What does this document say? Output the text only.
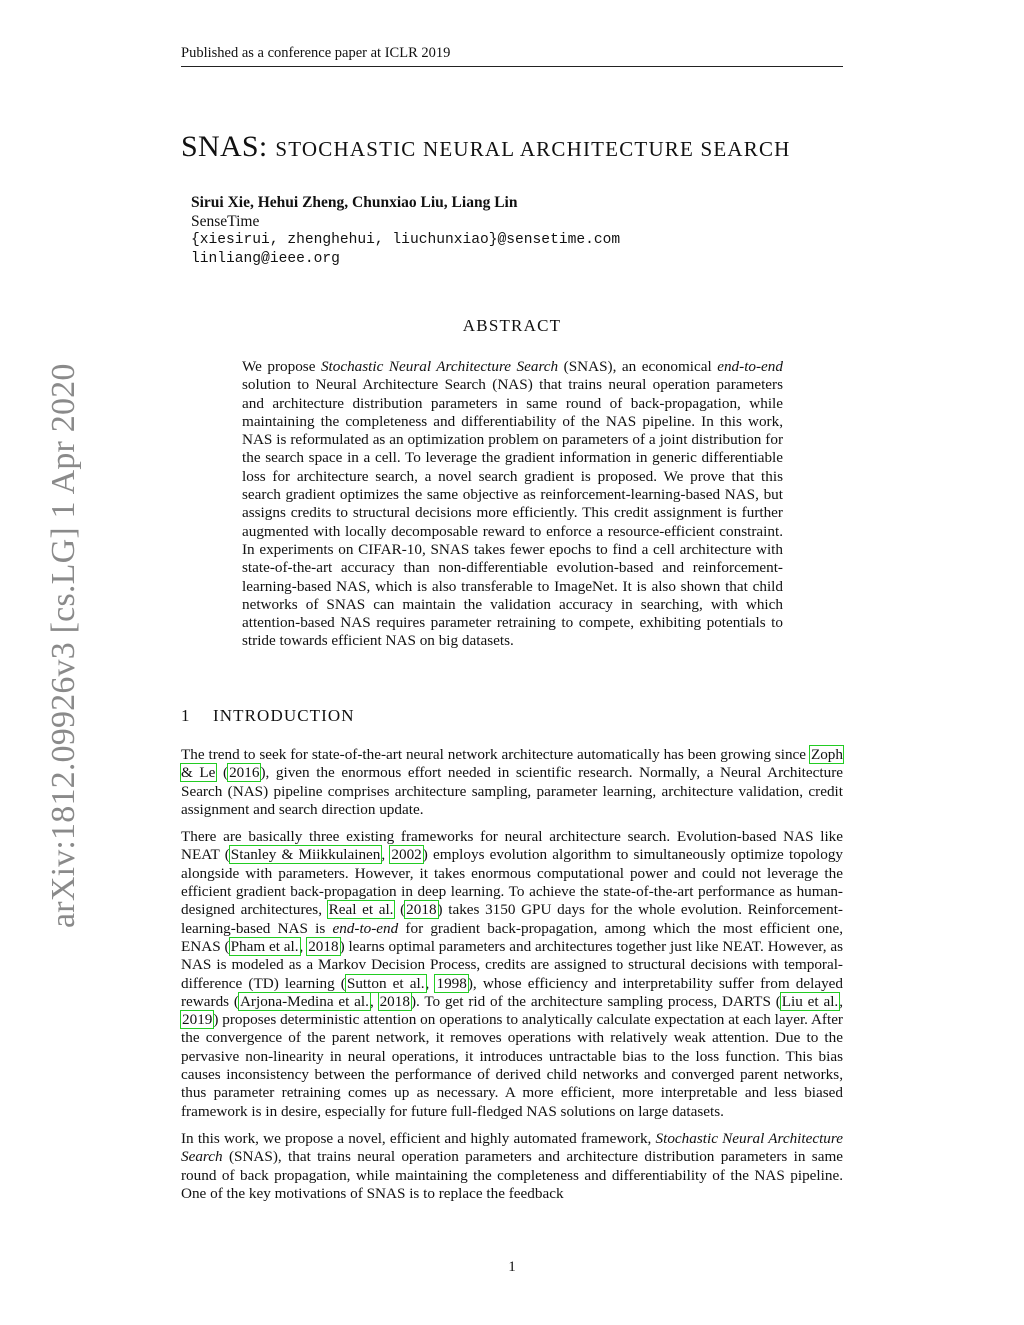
Published as a conference paper at ICLR 2019
arXiv:1812.09926v3 [cs.LG] 1 Apr 2020
SNAS: STOCHASTIC NEURAL ARCHITECTURE SEARCH
Sirui Xie, Hehui Zheng, Chunxiao Liu, Liang Lin
SenseTime
{xiesirui, zhenghehui, liuchunxiao}@sensetime.com
linliang@ieee.org
ABSTRACT
We propose Stochastic Neural Architecture Search (SNAS), an economical end-to-end solution to Neural Architecture Search (NAS) that trains neural operation parameters and architecture distribution parameters in same round of back-propagation, while maintaining the completeness and differentiability of the NAS pipeline. In this work, NAS is reformulated as an optimization problem on parameters of a joint distribution for the search space in a cell. To leverage the gradient information in generic differentiable loss for architecture search, a novel search gradient is proposed. We prove that this search gradient optimizes the same objective as reinforcement-learning-based NAS, but assigns credits to structural decisions more efficiently. This credit assignment is further augmented with locally decomposable reward to enforce a resource-efficient constraint. In experiments on CIFAR-10, SNAS takes fewer epochs to find a cell architecture with state-of-the-art accuracy than non-differentiable evolution-based and reinforcement-learning-based NAS, which is also transferable to ImageNet. It is also shown that child networks of SNAS can maintain the validation accuracy in searching, with which attention-based NAS requires parameter retraining to compete, exhibiting potentials to stride towards efficient NAS on big datasets.
1 INTRODUCTION

The trend to seek for state-of-the-art neural network architecture automatically has been growing since Zoph & Le (2016), given the enormous effort needed in scientific research. Normally, a Neural Architecture Search (NAS) pipeline comprises architecture sampling, parameter learning, architecture validation, credit assignment and search direction update.

There are basically three existing frameworks for neural architecture search. Evolution-based NAS like NEAT (Stanley & Miikkulainen, 2002) employs evolution algorithm to simultaneously optimize topology alongside with parameters. However, it takes enormous computational power and could not leverage the efficient gradient back-propagation in deep learning. To achieve the state-of-the-art performance as human-designed architectures, Real et al. (2018) takes 3150 GPU days for the whole evolution. Reinforcement-learning-based NAS is end-to-end for gradient back-propagation, among which the most efficient one, ENAS (Pham et al., 2018) learns optimal parameters and architectures together just like NEAT. However, as NAS is modeled as a Markov Decision Process, credits are assigned to structural decisions with temporal-difference (TD) learning (Sutton et al., 1998), whose efficiency and interpretability suffer from delayed rewards (Arjona-Medina et al., 2018). To get rid of the architecture sampling process, DARTS (Liu et al., 2019) proposes deterministic attention on operations to analytically calculate expectation at each layer. After the convergence of the parent network, it removes operations with relatively weak attention. Due to the pervasive non-linearity in neural operations, it introduces untractable bias to the loss function. This bias causes inconsistency between the performance of derived child networks and converged parent networks, thus parameter retraining comes up as necessary. A more efficient, more interpretable and less biased framework is in desire, especially for future full-fledged NAS solutions on large datasets.

In this work, we propose a novel, efficient and highly automated framework, Stochastic Neural Architecture Search (SNAS), that trains neural operation parameters and architecture distribution parameters in same round of back propagation, while maintaining the completeness and differentiability of the NAS pipeline. One of the key motivations of SNAS is to replace the feedback

1
